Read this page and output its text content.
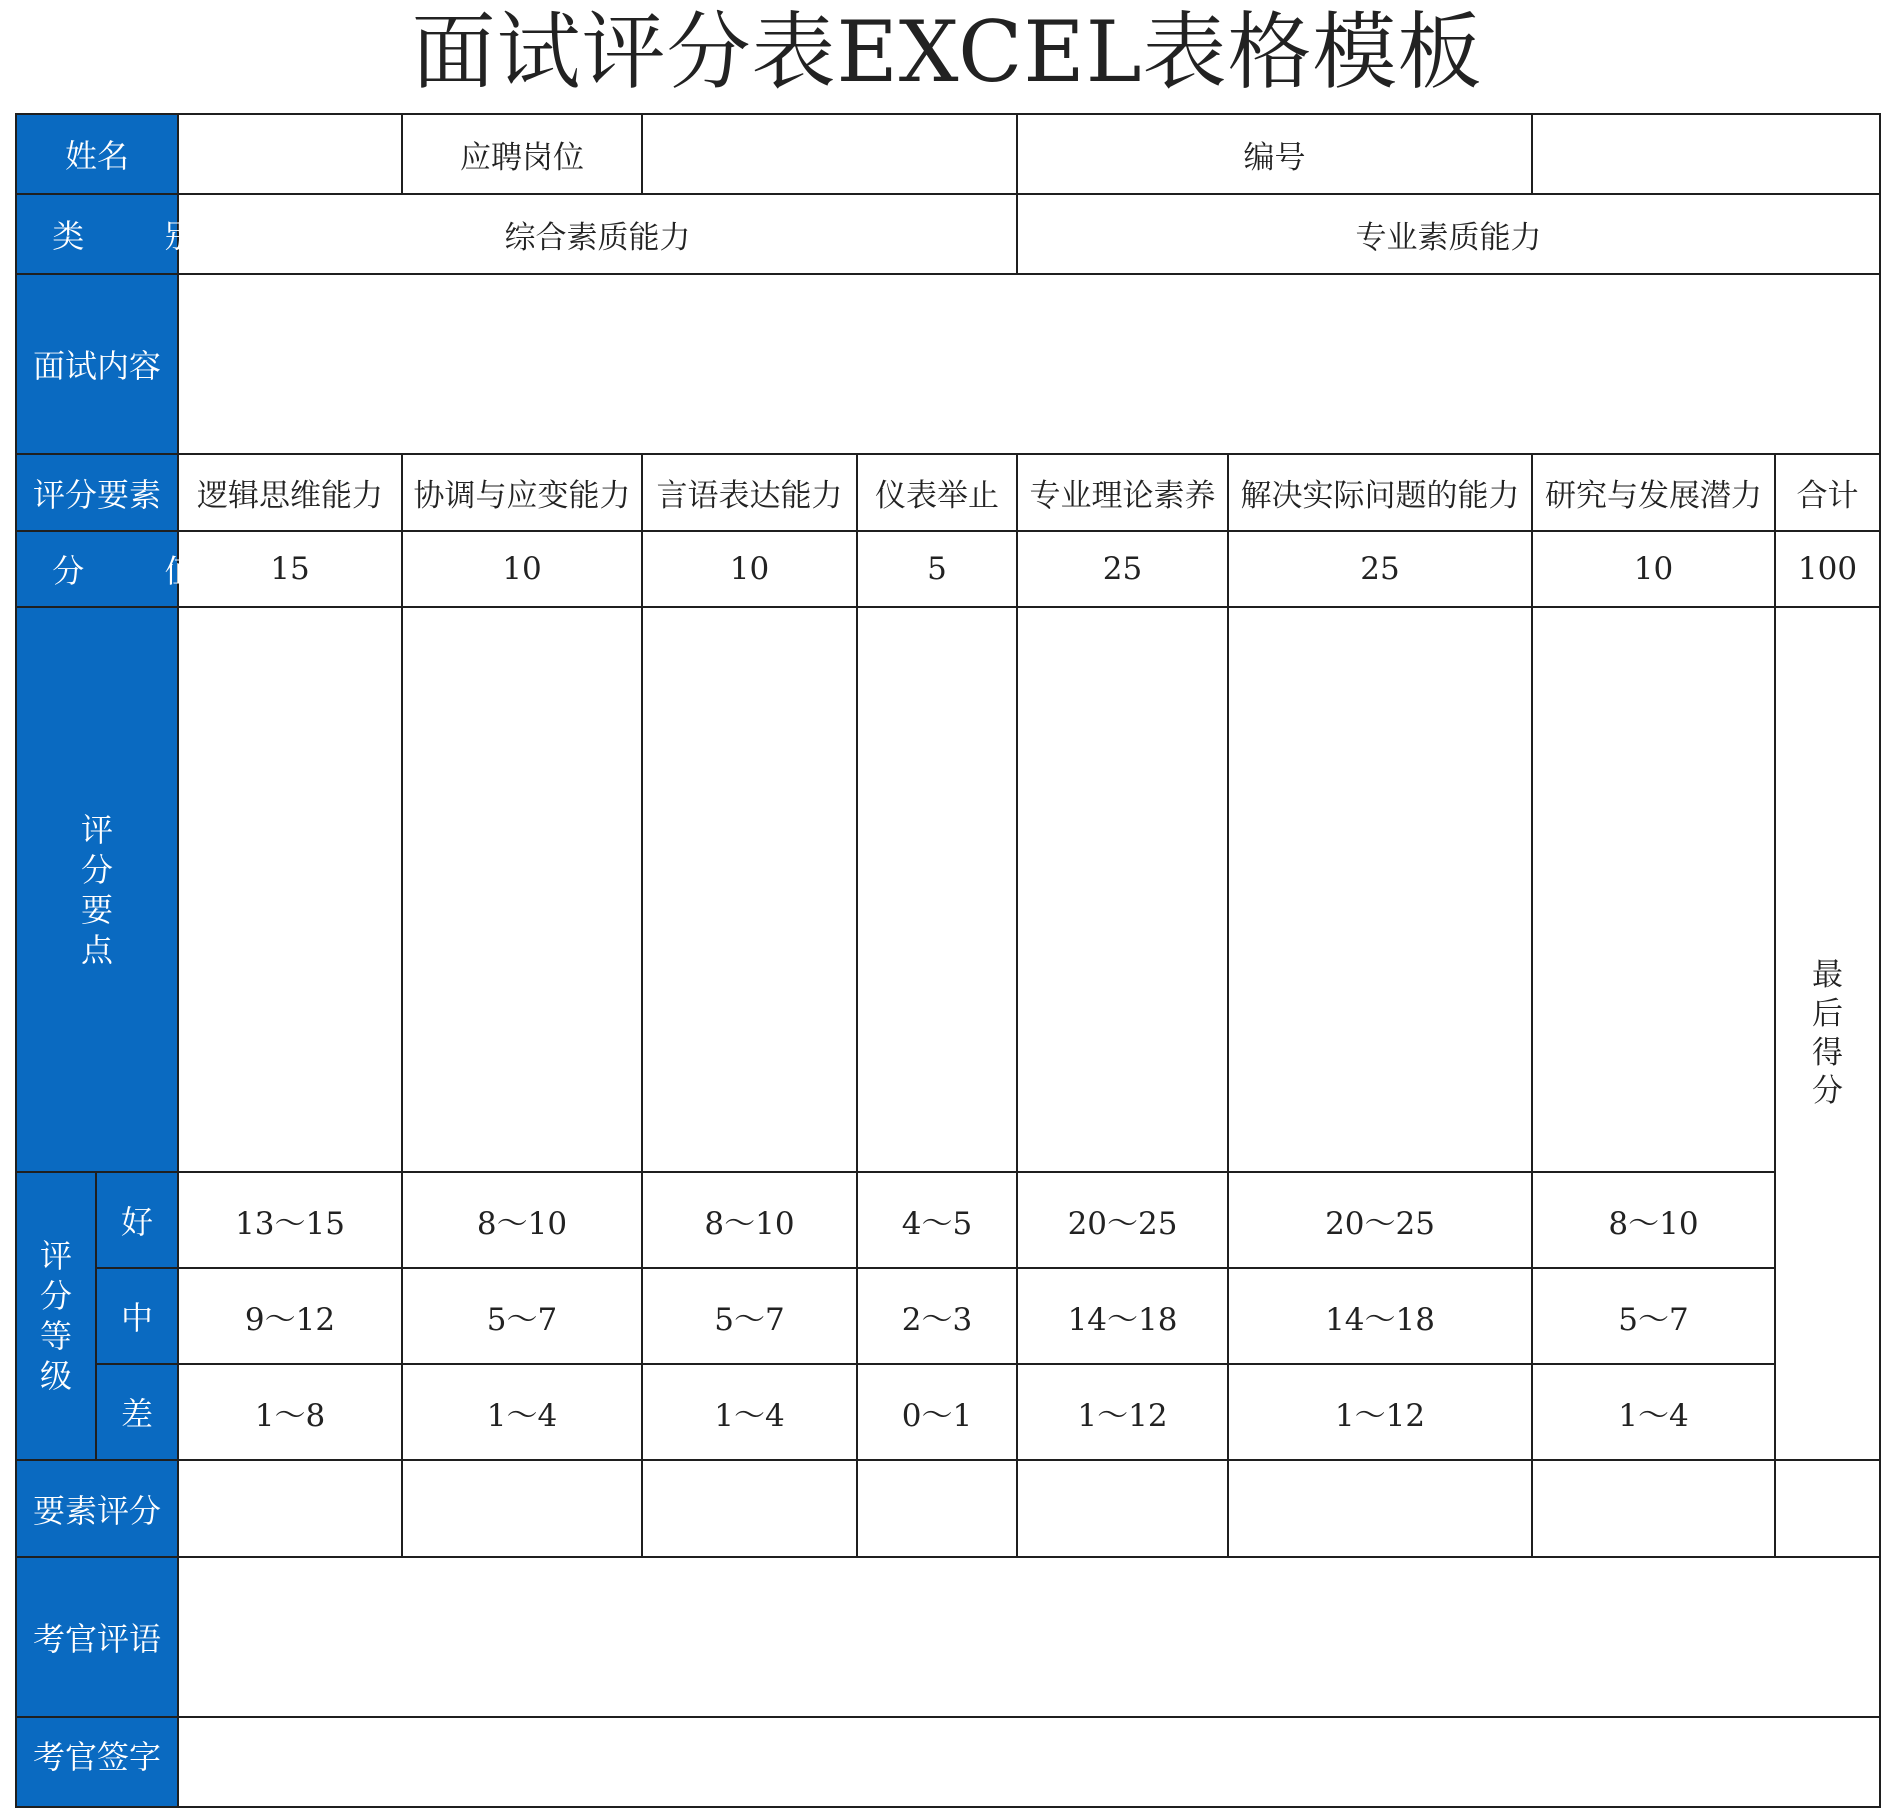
面试评分表EXCEL表格模板
姓名			应聘岗位			编号			
类 别		综合素质能力				专业素质能力			
面试内容									
评分要素		逻辑思维能力	协调与应变能力	言语表达能力	仪表举止	专业理论素养	解决实际问题的能力	研究与发展潜力	合计
分 值		15	10	10	5	25	25	10	100
评分要点									最后得分
评分等级	好	13～15	8～10	8～10	4～5	20～25	20～25	8～10	
	中	9～12	5～7	5～7	2～3	14～18	14～18	5～7	
	差	1～8	1～4	1～4	0～1	1～12	1～12	1～4	
要素评分									
考官评语									
考官签字									
